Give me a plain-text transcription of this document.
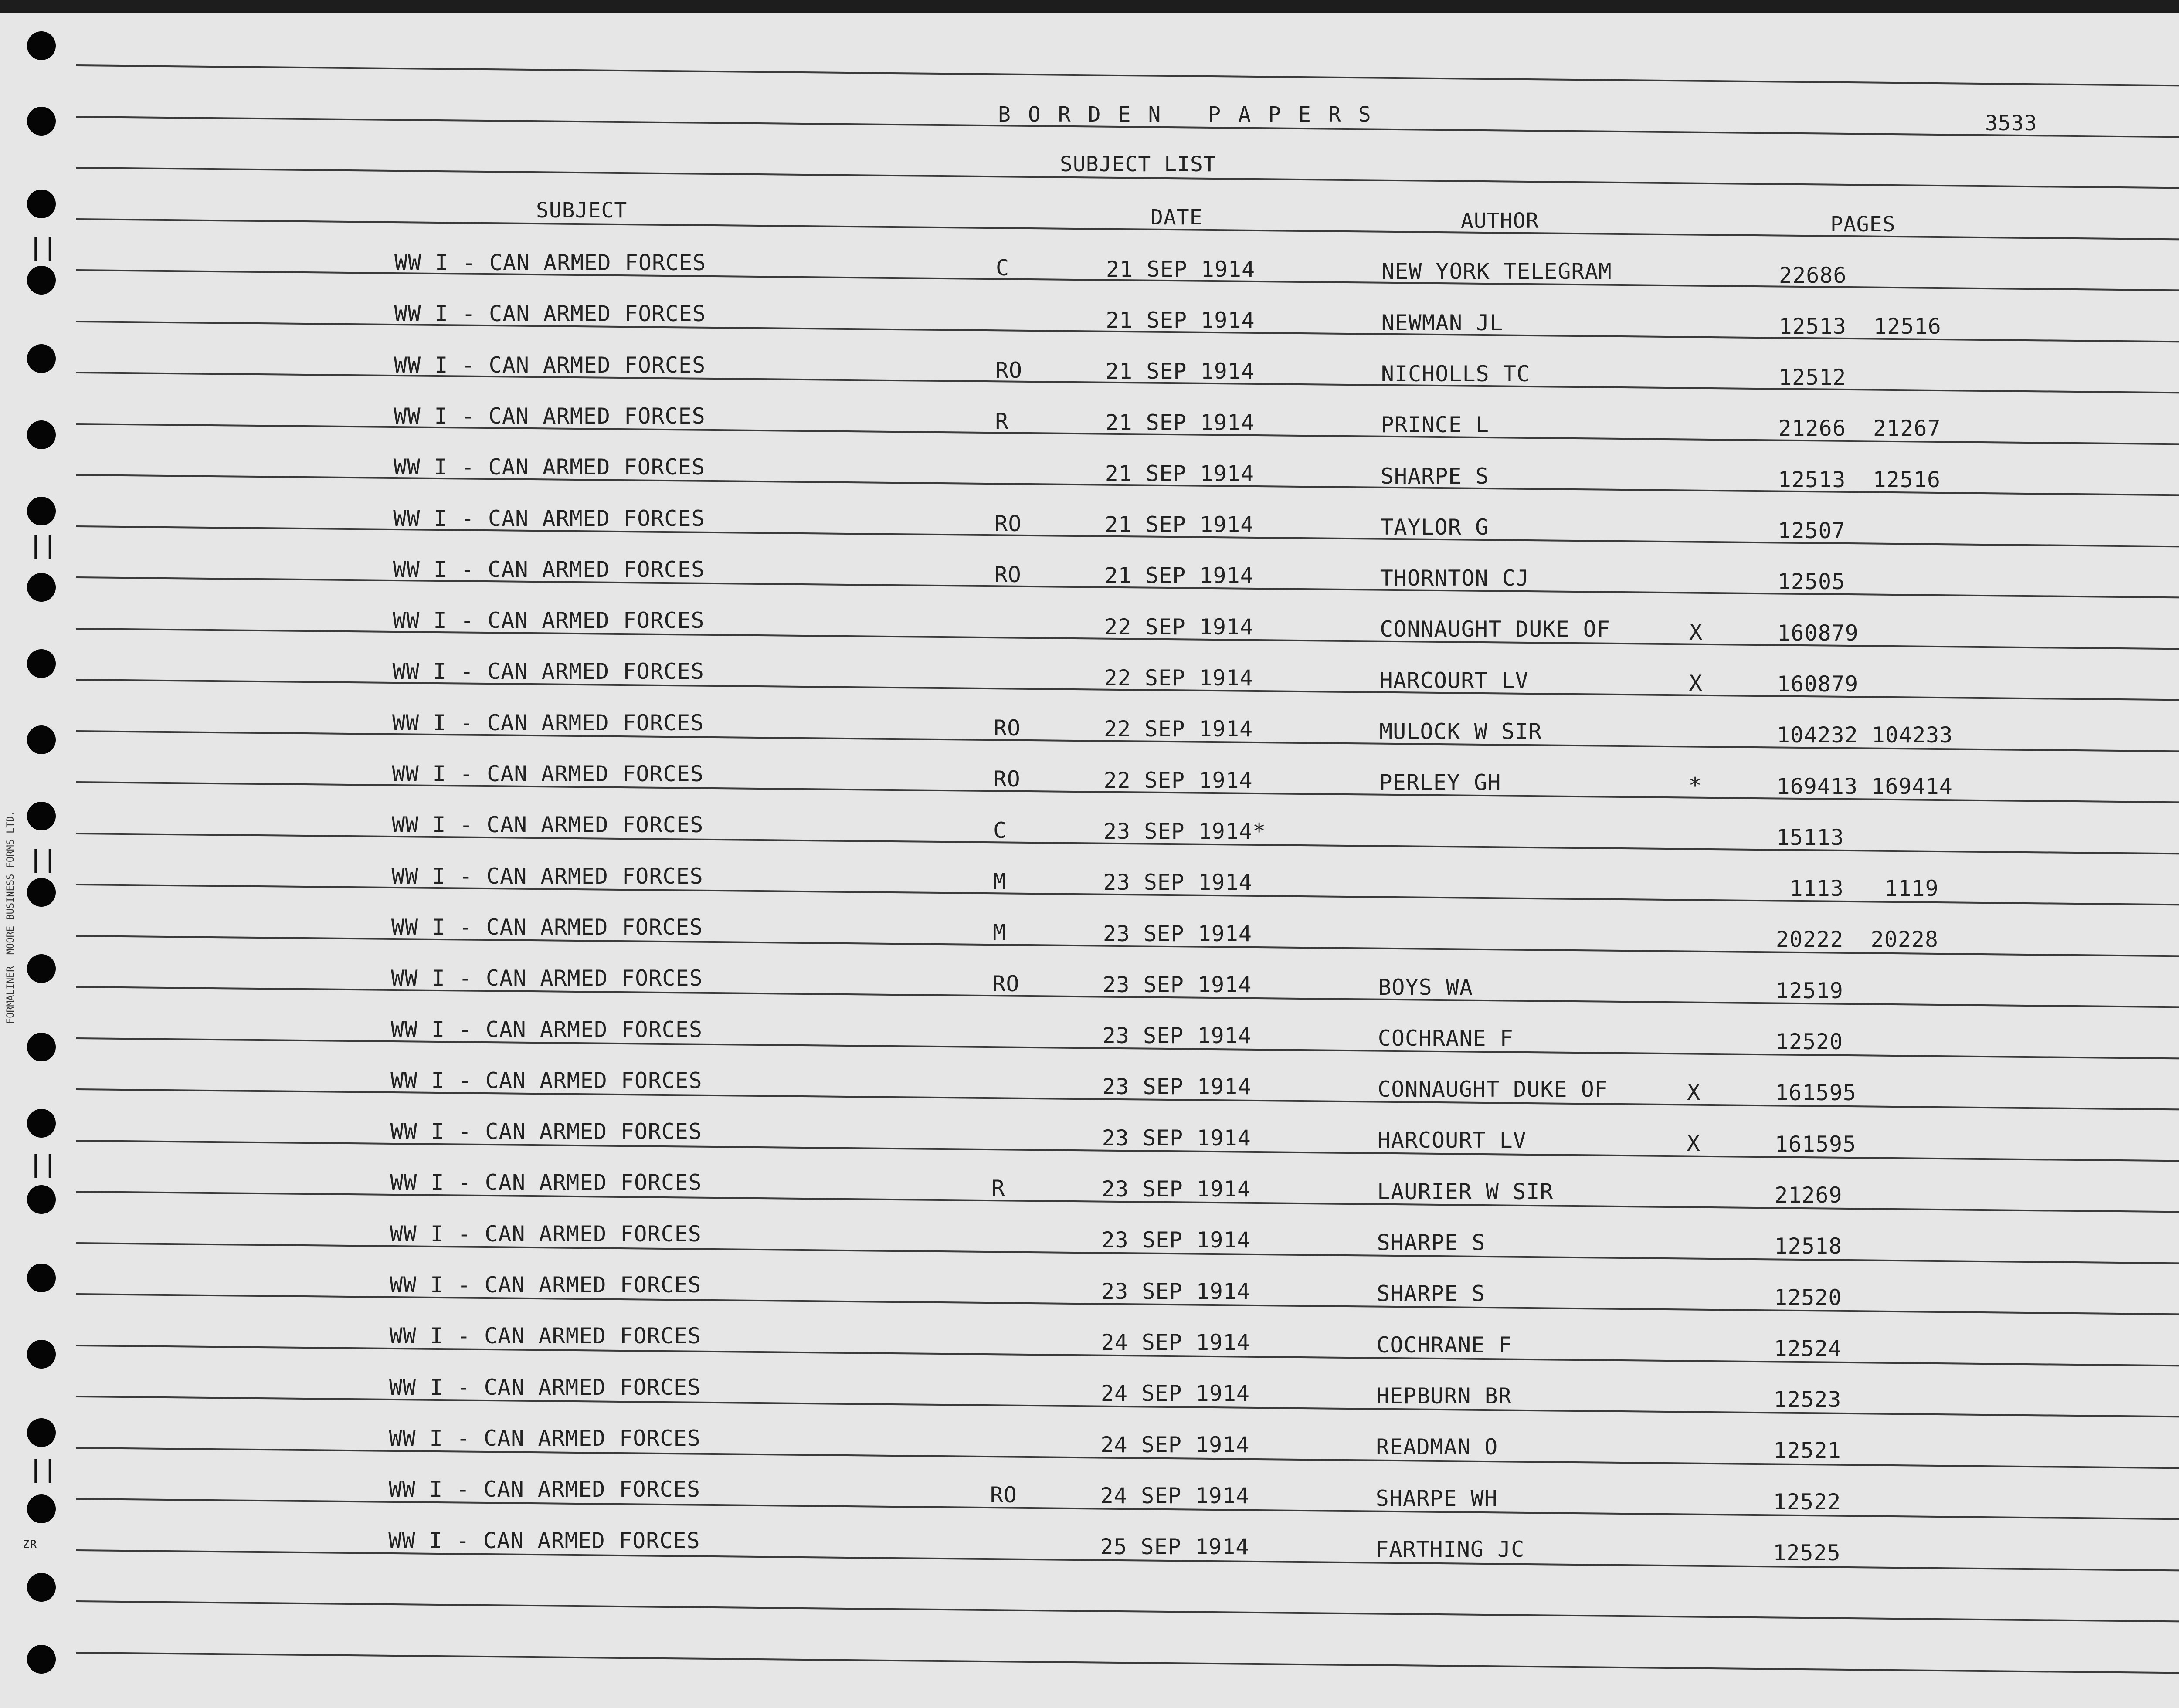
BORDEN PAPERS	3533
SUBJECT LIST
SUBJECT	DATE	AUTHOR	PAGES
WW I - CAN ARMED FORCES	C	21 SEP 1914	NEW YORK TELEGRAM	22686
WW I - CAN ARMED FORCES	21 SEP 1914	NEWMAN JL	12513  12516
WW I - CAN ARMED FORCES	RO	21 SEP 1914	NICHOLLS TC	12512
WW I - CAN ARMED FORCES	R	21 SEP 1914	PRINCE L	21266  21267
WW I - CAN ARMED FORCES	21 SEP 1914	SHARPE S	12513  12516
WW I - CAN ARMED FORCES	RO	21 SEP 1914	TAYLOR G	12507
WW I - CAN ARMED FORCES	RO	21 SEP 1914	THORNTON CJ	12505
WW I - CAN ARMED FORCES	22 SEP 1914	CONNAUGHT DUKE OF	X	160879
WW I - CAN ARMED FORCES	22 SEP 1914	HARCOURT LV	X	160879
WW I - CAN ARMED FORCES	RO	22 SEP 1914	MULOCK W SIR	104232 104233
WW I - CAN ARMED FORCES	RO	22 SEP 1914	PERLEY GH	*	169413 169414
WW I - CAN ARMED FORCES	C	23 SEP 1914*	15113
WW I - CAN ARMED FORCES	M	23 SEP 1914	1113   1119
WW I - CAN ARMED FORCES	M	23 SEP 1914	20222  20228
WW I - CAN ARMED FORCES	RO	23 SEP 1914	BOYS WA	12519
WW I - CAN ARMED FORCES	23 SEP 1914	COCHRANE F	12520
WW I - CAN ARMED FORCES	23 SEP 1914	CONNAUGHT DUKE OF	X	161595
WW I - CAN ARMED FORCES	23 SEP 1914	HARCOURT LV	X	161595
WW I - CAN ARMED FORCES	R	23 SEP 1914	LAURIER W SIR	21269
WW I - CAN ARMED FORCES	23 SEP 1914	SHARPE S	12518
WW I - CAN ARMED FORCES	23 SEP 1914	SHARPE S	12520
WW I - CAN ARMED FORCES	24 SEP 1914	COCHRANE F	12524
WW I - CAN ARMED FORCES	24 SEP 1914	HEPBURN BR	12523
WW I - CAN ARMED FORCES	24 SEP 1914	READMAN O	12521
WW I - CAN ARMED FORCES	RO	24 SEP 1914	SHARPE WH	12522
WW I - CAN ARMED FORCES	25 SEP 1914	FARTHING JC	12525
FORMALINER  MOORE BUSINESS FORMS LTD.
ZR
||
||
||
||
||
